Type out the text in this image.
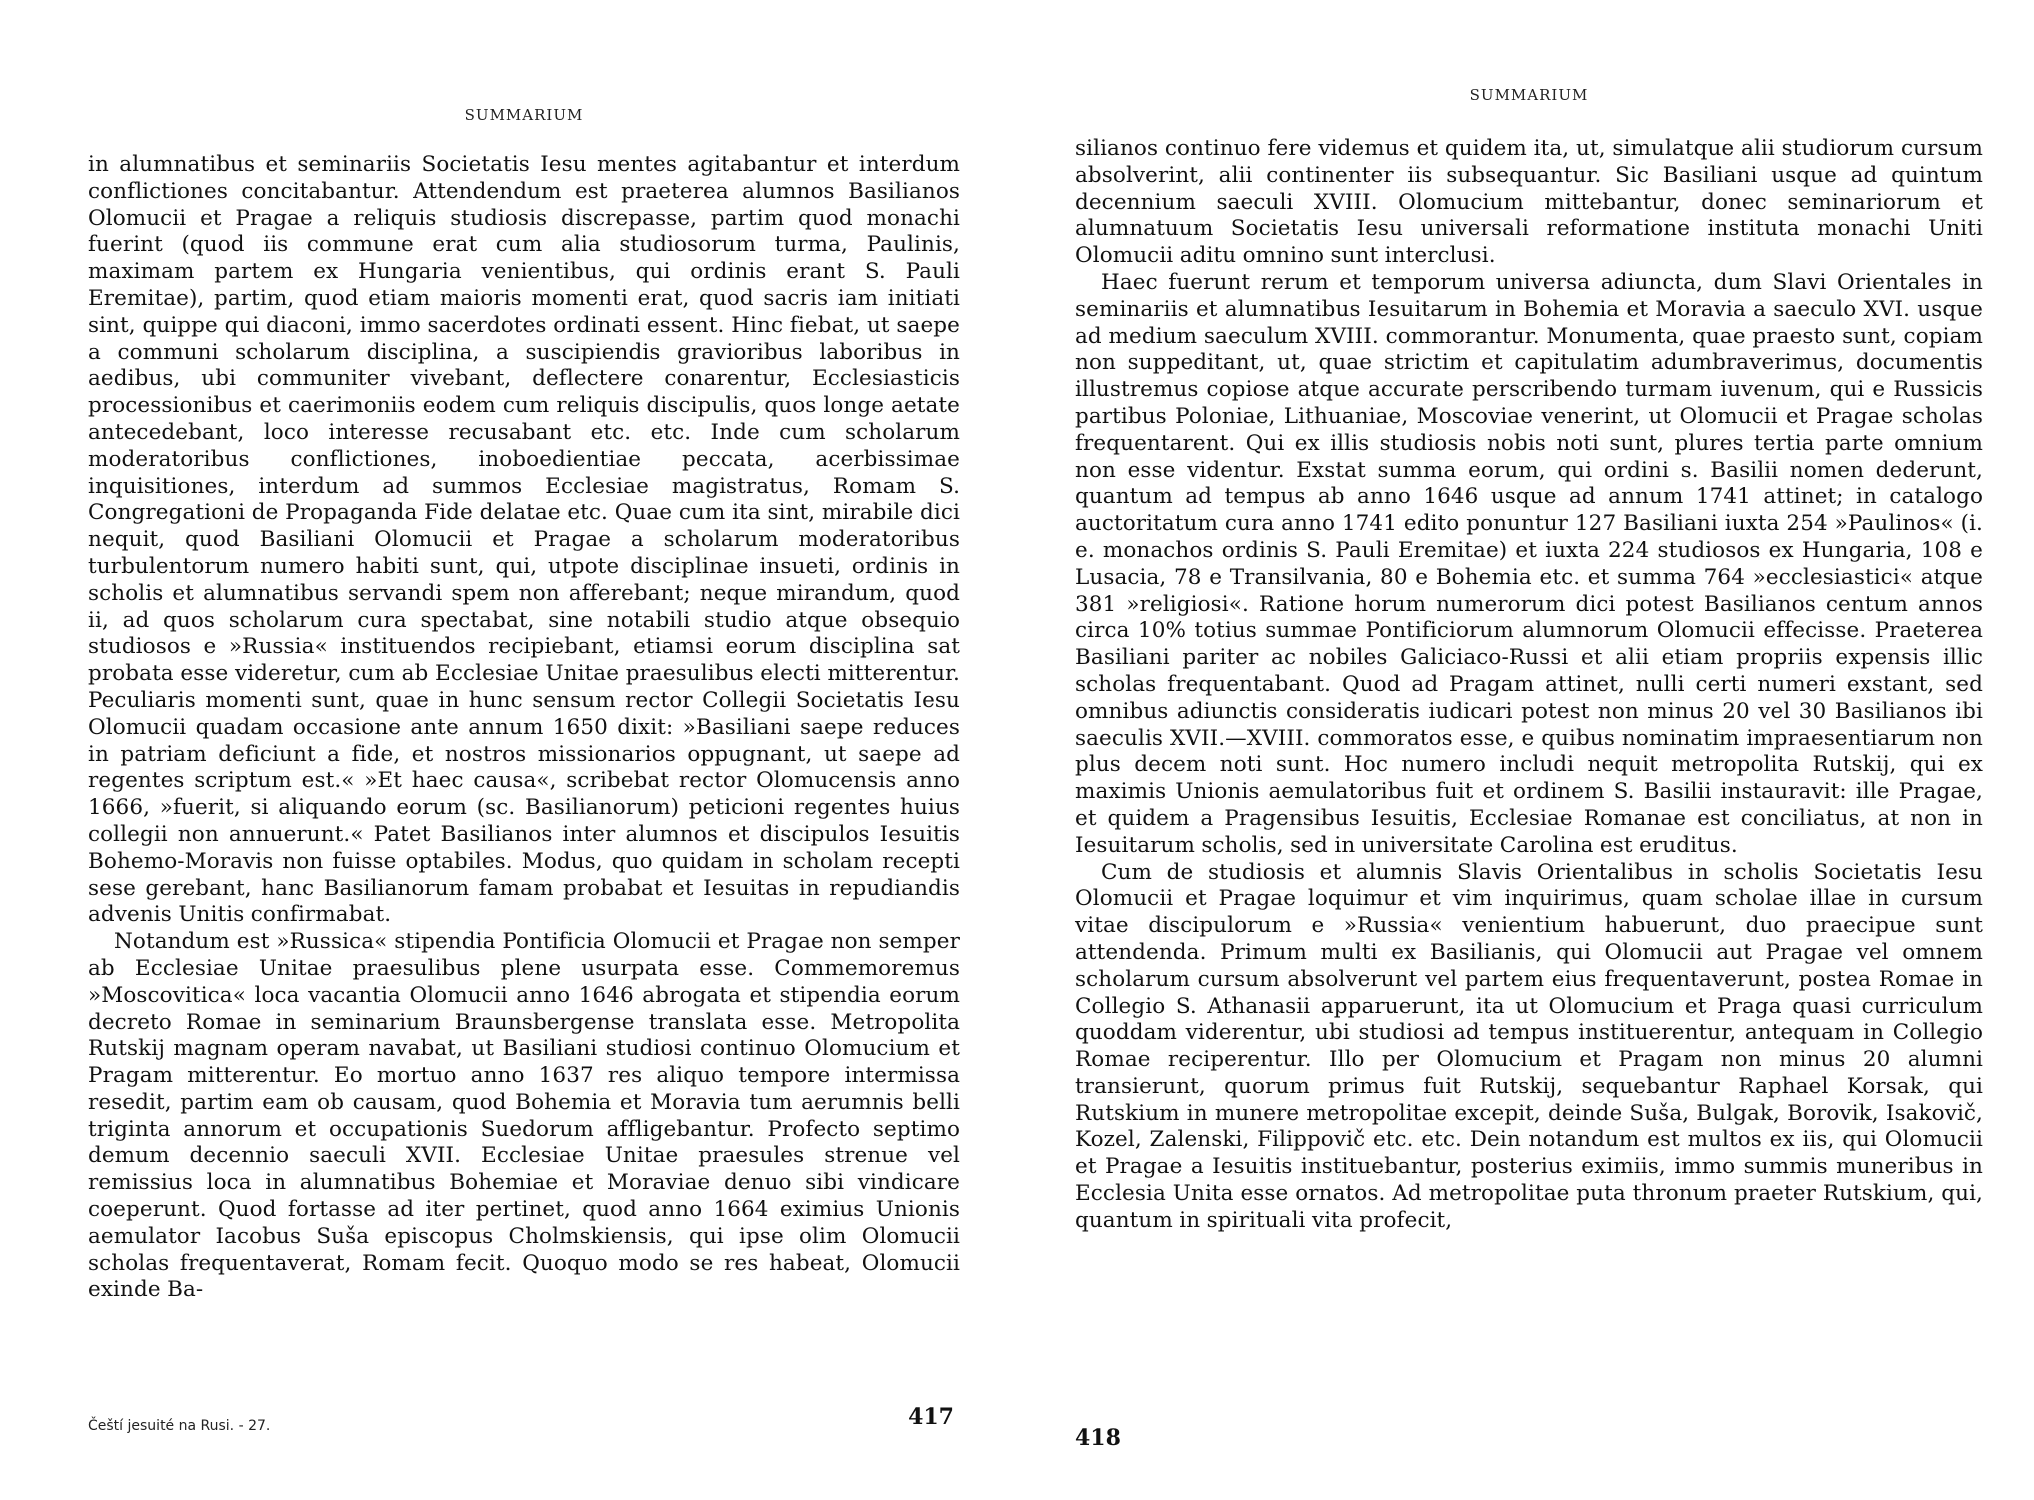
SUMMARIUM

in alumnatibus et seminariis Societatis Iesu mentes agitabantur et interdum conflictiones concitabantur. Attendendum est praeterea alumnos Basilianos Olomucii et Pragae a reliquis studiosis discrepasse, partim quod monachi fuerint (quod iis commune erat cum alia studiosorum turma, Paulinis, maximam partem ex Hungaria venientibus, qui ordinis erant S. Pauli Eremitae), partim, quod etiam maioris momenti erat, quod sacris iam initiati sint, quippe qui diaconi, immo sacerdotes ordinati essent. Hinc fiebat, ut saepe a communi scholarum disciplina, a suscipiendis gravioribus laboribus in aedibus, ubi communiter vivebant, deflectere conarentur, Ecclesiasticis processionibus et caerimoniis eodem cum reliquis discipulis, quos longe aetate antecedebant, loco interesse recusabant etc. etc. Inde cum scholarum moderatoribus conflictiones, inoboedientiae peccata, acerbissimae inquisitiones, interdum ad summos Ecclesiae magistratus, Romam S. Congregationi de Propaganda Fide delatae etc. Quae cum ita sint, mirabile dici nequit, quod Basiliani Olomucii et Pragae a scholarum moderatoribus turbulentorum numero habiti sunt, qui, utpote disciplinae insueti, ordinis in scholis et alumnatibus servandi spem non afferebant; neque mirandum, quod ii, ad quos scholarum cura spectabat, sine notabili studio atque obsequio studiosos e »Russia« instituendos recipiebant, etiamsi eorum disciplina sat probata esse videretur, cum ab Ecclesiae Unitae praesulibus electi mitterentur. Peculiaris momenti sunt, quae in hunc sensum rector Collegii Societatis Iesu Olomucii quadam occasione ante annum 1650 dixit: »Basiliani saepe reduces in patriam deficiunt a fide, et nostros missionarios oppugnant, ut saepe ad regentes scriptum est.« »Et haec causa«, scribebat rector Olomucensis anno 1666, »fuerit, si aliquando eorum (sc. Basilianorum) peticioni regentes huius collegii non annuerunt.« Patet Basilianos inter alumnos et discipulos Iesuitis Bohemo-Moravis non fuisse optabiles. Modus, quo quidam in scholam recepti sese gerebant, hanc Basilianorum famam probabat et Iesuitas in repudiandis advenis Unitis confirmabat.

Notandum est »Russica« stipendia Pontificia Olomucii et Pragae non semper ab Ecclesiae Unitae praesulibus plene usurpata esse. Commemoremus »Moscovitica« loca vacantia Olomucii anno 1646 abrogata et stipendia eorum decreto Romae in seminarium Braunsbergense translata esse. Metropolita Rutskij magnam operam navabat, ut Basiliani studiosi continuo Olomucium et Pragam mitterentur. Eo mortuo anno 1637 res aliquo tempore intermissa resedit, partim eam ob causam, quod Bohemia et Moravia tum aerumnis belli triginta annorum et occupationis Suedorum affligebantur. Profecto septimo demum decennio saeculi XVII. Ecclesiae Unitae praesules strenue vel remissius loca in alumnatibus Bohemiae et Moraviae denuo sibi vindicare coeperunt. Quod fortasse ad iter pertinet, quod anno 1664 eximius Unionis aemulator Iacobus Suša episcopus Cholmskiensis, qui ipse olim Olomucii scholas frequentaverat, Romam fecit. Quoquo modo se res habeat, Olomucii exinde Ba-

Čeští jesuité na Rusi. - 27.	417
SUMMARIUM

silianos continuo fere videmus et quidem ita, ut, simulatque alii studiorum cursum absolverint, alii continenter iis subsequantur. Sic Basiliani usque ad quintum decennium saeculi XVIII. Olomucium mittebantur, donec seminariorum et alumnatuum Societatis Iesu universali reformatione instituta monachi Uniti Olomucii aditu omnino sunt interclusi.

Haec fuerunt rerum et temporum universa adiuncta, dum Slavi Orientales in seminariis et alumnatibus Iesuitarum in Bohemia et Moravia a saeculo XVI. usque ad medium saeculum XVIII. commorantur. Monumenta, quae praesto sunt, copiam non suppeditant, ut, quae strictim et capitulatim adumbraverimus, documentis illustremus copiose atque accurate perscribendo turmam iuvenum, qui e Russicis partibus Poloniae, Lithuaniae, Moscoviae venerint, ut Olomucii et Pragae scholas frequentarent. Qui ex illis studiosis nobis noti sunt, plures tertia parte omnium non esse videntur. Exstat summa eorum, qui ordini s. Basilii nomen dederunt, quantum ad tempus ab anno 1646 usque ad annum 1741 attinet; in catalogo auctoritatum cura anno 1741 edito ponuntur 127 Basiliani iuxta 254 »Paulinos« (i. e. monachos ordinis S. Pauli Eremitae) et iuxta 224 studiosos ex Hungaria, 108 e Lusacia, 78 e Transilvania, 80 e Bohemia etc. et summa 764 »ecclesiastici« atque 381 »religiosi«. Ratione horum numerorum dici potest Basilianos centum annos circa 10% totius summae Pontificiorum alumnorum Olomucii effecisse. Praeterea Basiliani pariter ac nobiles Galiciaco-Russi et alii etiam propriis expensis illic scholas frequentabant. Quod ad Pragam attinet, nulli certi numeri exstant, sed omnibus adiunctis consideratis iudicari potest non minus 20 vel 30 Basilianos ibi saeculis XVII.—XVIII. commoratos esse, e quibus nominatim impraesentiarum non plus decem noti sunt. Hoc numero includi nequit metropolita Rutskij, qui ex maximis Unionis aemulatoribus fuit et ordinem S. Basilii instauravit: ille Pragae, et quidem a Pragensibus Iesuitis, Ecclesiae Romanae est conciliatus, at non in Iesuitarum scholis, sed in universitate Carolina est eruditus.

Cum de studiosis et alumnis Slavis Orientalibus in scholis Societatis Iesu Olomucii et Pragae loquimur et vim inquirimus, quam scholae illae in cursum vitae discipulorum e »Russia« venientium habuerunt, duo praecipue sunt attendenda. Primum multi ex Basilianis, qui Olomucii aut Pragae vel omnem scholarum cursum absolverunt vel partem eius frequentaverunt, postea Romae in Collegio S. Athanasii apparuerunt, ita ut Olomucium et Praga quasi curriculum quoddam viderentur, ubi studiosi ad tempus instituerentur, antequam in Collegio Romae reciperentur. Illo per Olomucium et Pragam non minus 20 alumni transierunt, quorum primus fuit Rutskij, sequebantur Raphael Korsak, qui Rutskium in munere metropolitae excepit, deinde Suša, Bulgak, Borovik, Isakovič, Kozel, Zalenski, Filippovič etc. etc. Dein notandum est multos ex iis, qui Olomucii et Pragae a Iesuitis instituebantur, posterius eximiis, immo summis muneribus in Ecclesia Unita esse ornatos. Ad metropolitae puta thronum praeter Rutskium, qui, quantum in spirituali vita profecit,

418
